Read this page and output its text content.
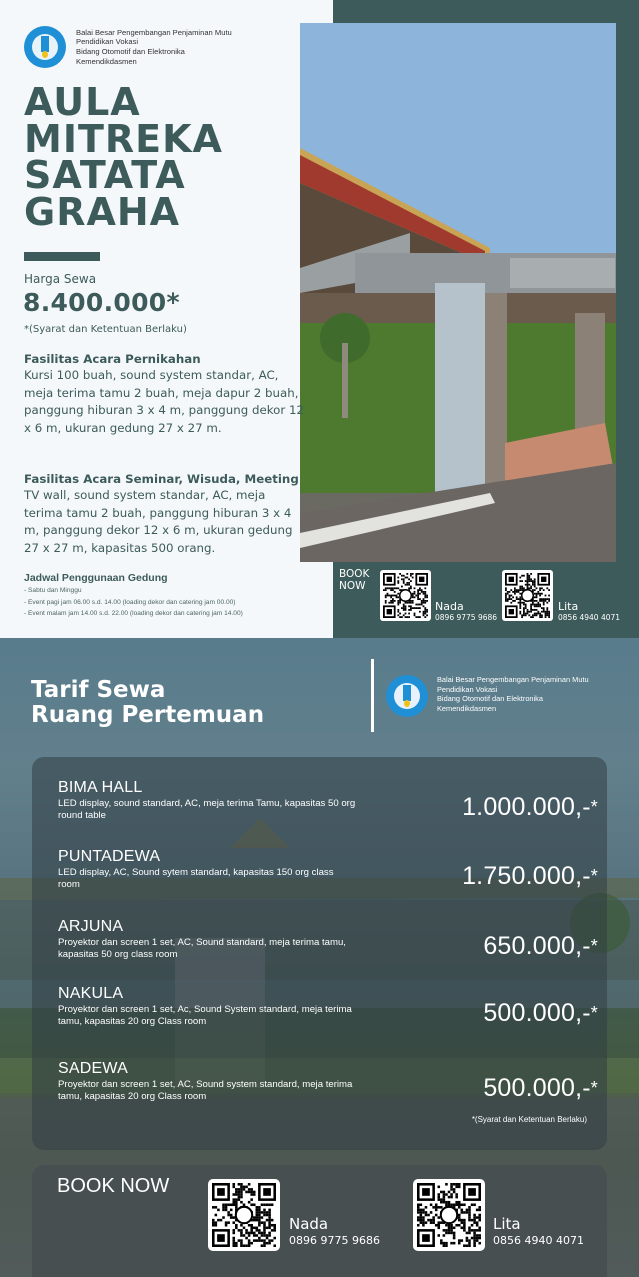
Balai Besar Pengembangan Penjaminan Mutu
Pendidikan Vokasi
Bidang Otomotif dan Elektronika
Kemendikdasmen
AULA
MITREKA
SATATA
GRAHA
Harga Sewa
8.400.000*
*(Syarat dan Ketentuan Berlaku)
Fasilitas Acara Pernikahan

Kursi 100 buah, sound system standar, AC, meja terima tamu 2 buah, meja dapur 2 buah, panggung hiburan 3 x 4 m, panggung dekor 12 x 6 m, ukuran gedung 27 x 27 m.

Fasilitas Acara Seminar, Wisuda, Meeting

TV wall, sound system standar, AC, meja terima tamu 2 buah, panggung hiburan 3 x 4 m, panggung dekor 12 x 6 m, ukuran gedung 27 x 27 m, kapasitas 500 orang.

Jadwal Penggunaan Gedung
- Sabtu dan Minggu
- Event pagi jam 06.00 s.d. 14.00 (loading dekor dan catering jam 00.00)
- Event malam jam 14.00 s.d. 22.00 (loading dekor dan catering jam 14.00)
BOOK
NOW
Nada
0896 9775 9686
Lita
0856 4940 4071
Tarif Sewa
Ruang Pertemuan
Balai Besar Pengembangan Penjaminan Mutu
Pendidikan Vokasi
Bidang Otomotif dan Elektronika
Kemendikdasmen
BIMA HALL
LED display, sound standard, AC, meja terima Tamu, kapasitas 50 org round table	1.000.000,-*
PUNTADEWA
LED display, AC, Sound sytem standard, kapasitas 150 org class room	1.750.000,-*
ARJUNA
Proyektor dan screen 1 set, AC, Sound standard, meja terima tamu, kapasitas 50 org class room	650.000,-*
NAKULA
Proyektor dan screen 1 set, Ac, Sound System standard, meja terima tamu, kapasitas 20 org Class room	500.000,-*
SADEWA
Proyektor dan screen 1 set, AC, Sound system standard, meja terima tamu, kapasitas 20 org Class room	500.000,-*
*(Syarat dan Ketentuan Berlaku)
BOOK NOW
Nada
0896 9775 9686
Lita
0856 4940 4071
